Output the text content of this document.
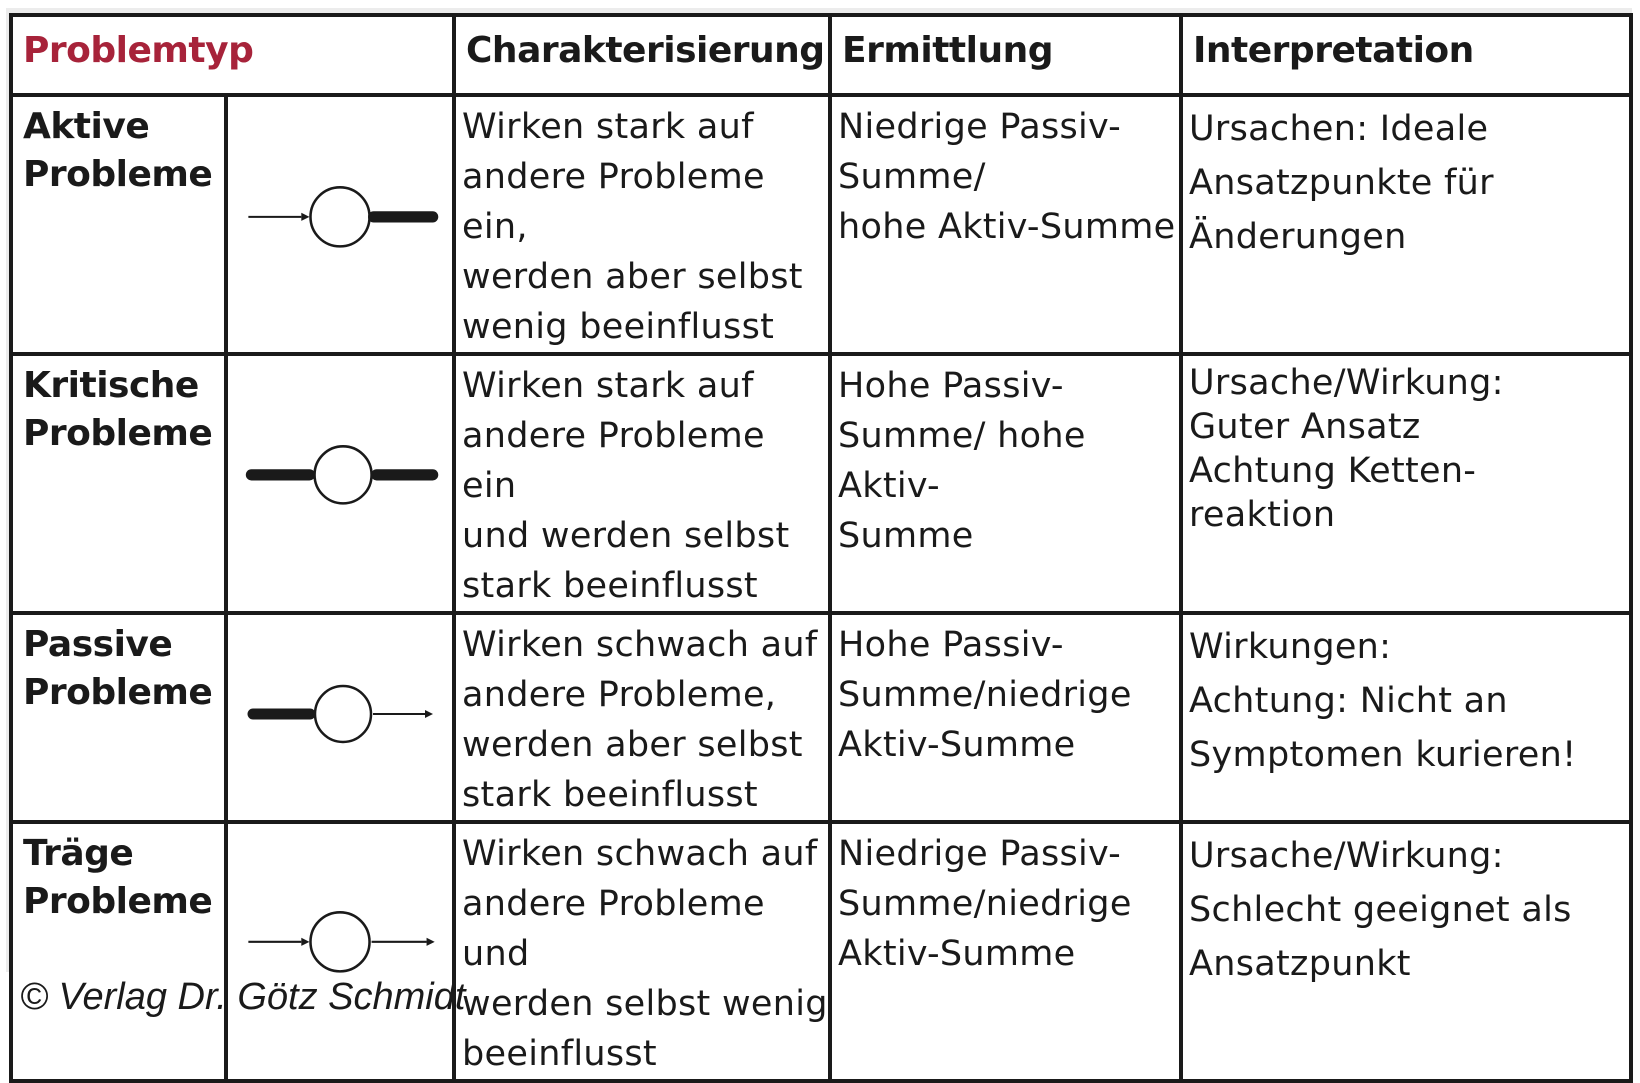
Problemtyp		Charakterisierung	Ermittlung	Interpretation

Aktive
Probleme		Wirken stark auf
andere Probleme ein,
werden aber selbst
wenig beeinflusst	Niedrige Passiv-
Summe/
hohe Aktiv-Summe	Ursachen: Ideale
Ansatzpunkte für
Änderungen

Kritische
Probleme		Wirken stark auf
andere Probleme ein
und werden selbst
stark beeinflusst	Hohe Passiv-
Summe/ hohe Aktiv-
Summe	Ursache/Wirkung:
Guter Ansatz
Achtung Ketten-
reaktion

Passive
Probleme		Wirken schwach auf
andere Probleme,
werden aber selbst
stark beeinflusst	Hohe Passiv-
Summe/niedrige
Aktiv-Summe	Wirkungen:
Achtung: Nicht an
Symptomen kurieren!

Träge
Probleme		Wirken schwach auf
andere Probleme und
werden selbst wenig
beeinflusst	Niedrige Passiv-
Summe/niedrige
Aktiv-Summe	Ursache/Wirkung:
Schlecht geeignet als
Ansatzpunkt
© Verlag Dr. Götz Schmidt
